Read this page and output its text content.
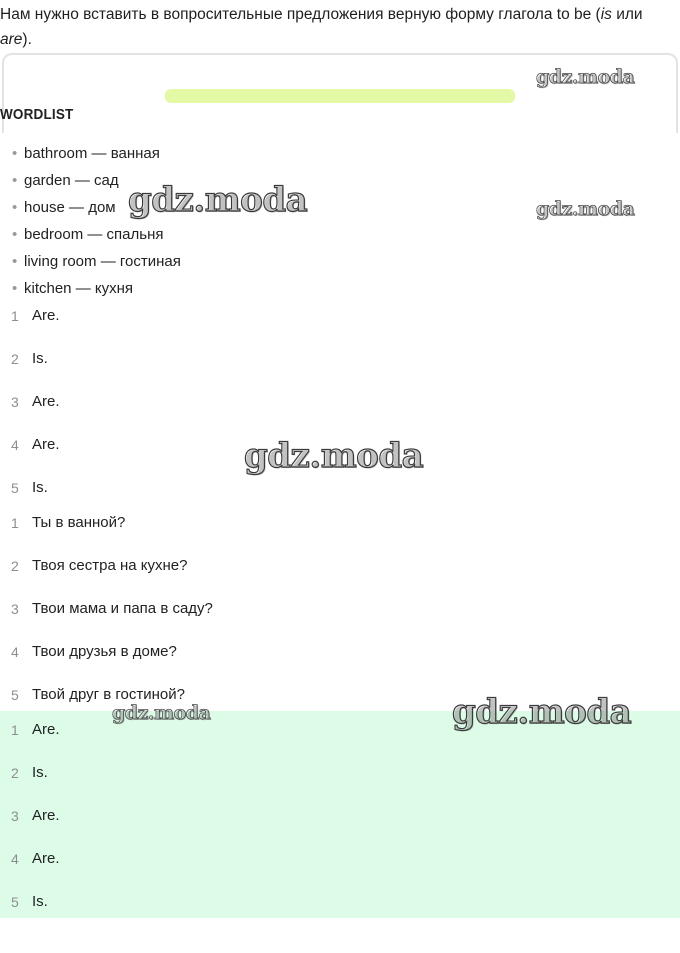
Нам нужно вставить в вопросительные предложения верную форму глагола to be (is или
are).
WORDLIST
• bathroom — ванная
• garden — сад
• house — дом
• bedroom — спальня
• living room — гостиная
• kitchen — кухня
1 Are.
2 Is.
3 Are.
4 Are.
5 Is.
1 Ты в ванной?
2 Твоя сестра на кухне?
3 Твои мама и папа в саду?
4 Твои друзья в доме?
5 Твой друг в гостиной?
1 Are.
2 Is.
3 Are.
4 Are.
5 Is.
gdz.moda
gdz.moda	gdz.moda
gdz.moda
gdz.moda	gdz.moda
